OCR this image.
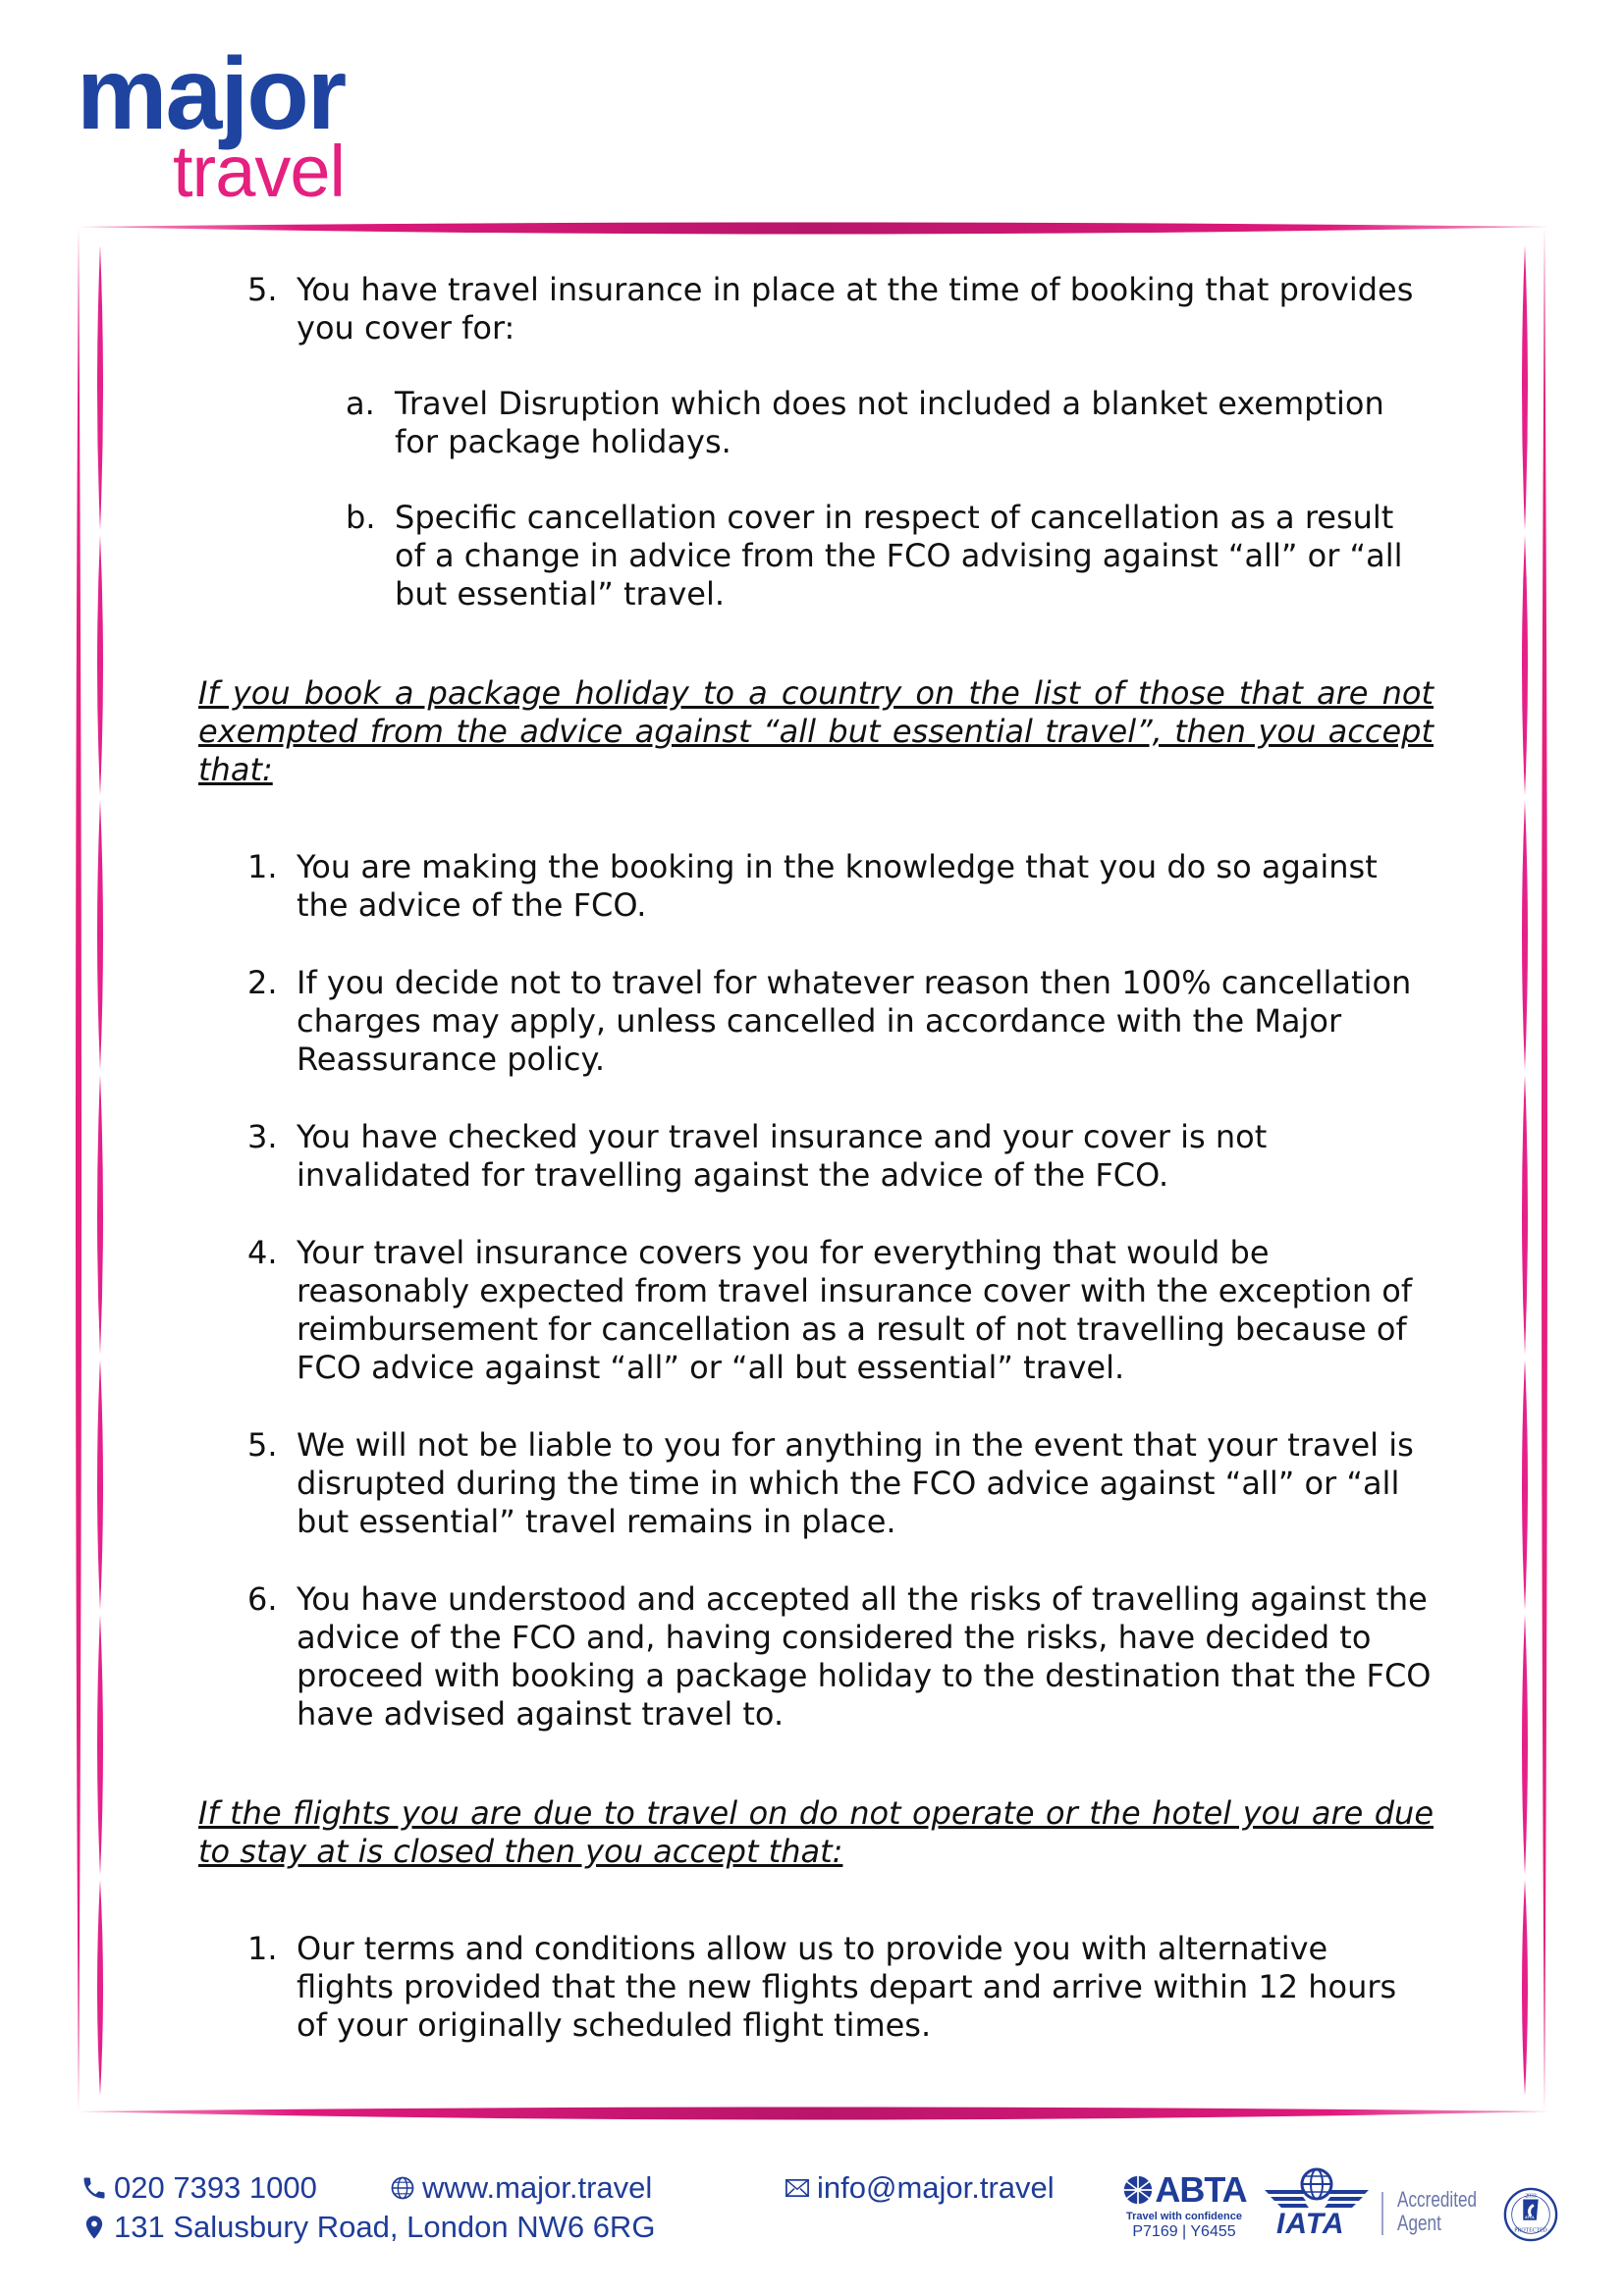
major
travel
5. You have travel insurance in place at the time of booking that provides you cover for:

a. Travel Disruption which does not included a blanket exemption for package holidays.

b. Specific cancellation cover in respect of cancellation as a result of a change in advice from the FCO advising against “all” or “all but essential” travel.

If you book a package holiday to a country on the list of those that are not exempted from the advice against “all but essential travel”, then you accept that:

1. You are making the booking in the knowledge that you do so against the advice of the FCO.

2. If you decide not to travel for whatever reason then 100% cancellation charges may apply, unless cancelled in accordance with the Major Reassurance policy.

3. You have checked your travel insurance and your cover is not invalidated for travelling against the advice of the FCO.

4. Your travel insurance covers you for everything that would be reasonably expected from travel insurance cover with the exception of reimbursement for cancellation as a result of not travelling because of FCO advice against “all” or “all but essential” travel.

5. We will not be liable to you for anything in the event that your travel is disrupted during the time in which the FCO advice against “all” or “all but essential” travel remains in place.

6. You have understood and accepted all the risks of travelling against the advice of the FCO and, having considered the risks, have decided to proceed with booking a package holiday to the destination that the FCO have advised against travel to.

If the flights you are due to travel on do not operate or the hotel you are due to stay at is closed then you accept that:

1. Our terms and conditions allow us to provide you with alternative flights provided that the new flights depart and arrive within 12 hours of your originally scheduled flight times.

020 7393 1000	www.major.travel
131 Salusbury Road, London NW6 6RG
info@major.travel	ABTA
Travel with confidence
P7169 | Y6455	IATA
Accredited
Agent
2933
ATOL
PROTECTED
